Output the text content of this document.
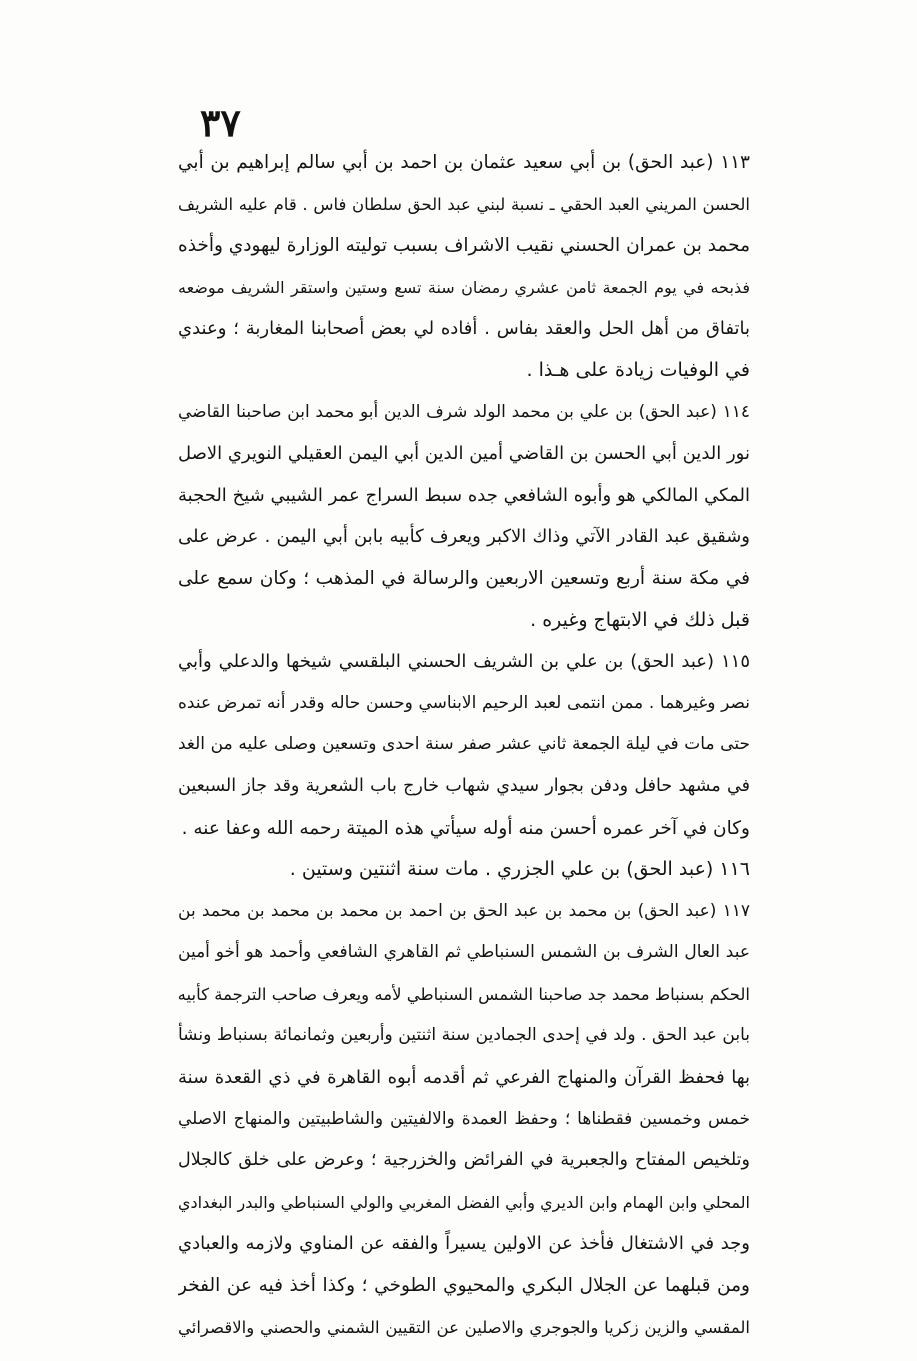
٣٧
١١٣ (عبد الحق) بن أبي سعيد عثمان بن احمد بن أبي سالم إبراهيم بن أبي
الحسن المريني العبد الحقي ـ نسبة لبني عبد الحق سلطان فاس . قام عليه الشريف
محمد بن عمران الحسني نقيب الاشراف بسبب توليته الوزارة ليهودي وأخذه
فذبحه في يوم الجمعة ثامن عشري رمضان سنة تسع وستين واستقر الشريف موضعه
باتفاق من أهل الحل والعقد بفاس . أفاده لي بعض أصحابنا المغاربة ؛ وعندي
في الوفيات زيادة على هـذا .
١١٤ (عبد الحق) بن علي بن محمد الولد شرف الدين أبو محمد ابن صاحبنا القاضي
نور الدين أبي الحسن بن القاضي أمين الدين أبي اليمن العقيلي النويري الاصل
المكي المالكي هو وأبوه الشافعي جده سبط السراج عمر الشيبي شيخ الحجبة
وشقيق عبد القادر الآتي وذاك الاكبر ويعرف كأبيه بابن أبي اليمن . عرض على
في مكة سنة أربع وتسعين الاربعين والرسالة في المذهب ؛ وكان سمع على
قبل ذلك في الابتهاج وغيره .
١١٥ (عبد الحق) بن علي بن الشريف الحسني البلقسي شيخها والدعلي وأبي
نصر وغيرهما . ممن انتمى لعبد الرحيم الابناسي وحسن حاله وقدر أنه تمرض عنده
حتى مات في ليلة الجمعة ثاني عشر صفر سنة احدى وتسعين وصلى عليه من الغد
في مشهد حافل ودفن بجوار سيدي شهاب خارج باب الشعرية وقد جاز السبعين
وكان في آخر عمره أحسن منه أوله سيأتي هذه الميتة رحمه الله وعفا عنه .
١١٦ (عبد الحق) بن علي الجزري . مات سنة اثنتين وستين .
١١٧ (عبد الحق) بن محمد بن عبد الحق بن احمد بن محمد بن محمد بن محمد بن
عبد العال الشرف بن الشمس السنباطي ثم القاهري الشافعي وأحمد هو أخو أمين
الحكم بسنباط محمد جد صاحبنا الشمس السنباطي لأمه ويعرف صاحب الترجمة كأبيه
بابن عبد الحق . ولد في إحدى الجمادين سنة اثنتين وأربعين وثمانمائة بسنباط ونشأ
بها فحفظ القرآن والمنهاج الفرعي ثم أقدمه أبوه القاهرة في ذي القعدة سنة
خمس وخمسين فقطناها ؛ وحفظ العمدة والالفيتين والشاطبيتين والمنهاج الاصلي
وتلخيص المفتاح والجعبرية في الفرائض والخزرجية ؛ وعرض على خلق كالجلال
المحلي وابن الهمام وابن الديري وأبي الفضل المغربي والولي السنباطي والبدر البغدادي
وجد في الاشتغال فأخذ عن الاولين يسيراً والفقه عن المناوي ولازمه والعبادي
ومن قبلهما عن الجلال البكري والمحيوي الطوخي ؛ وكذا أخذ فيه عن الفخر
المقسي والزين زكريا والجوجري والاصلين عن التقيين الشمني والحصني والاقصرائي
